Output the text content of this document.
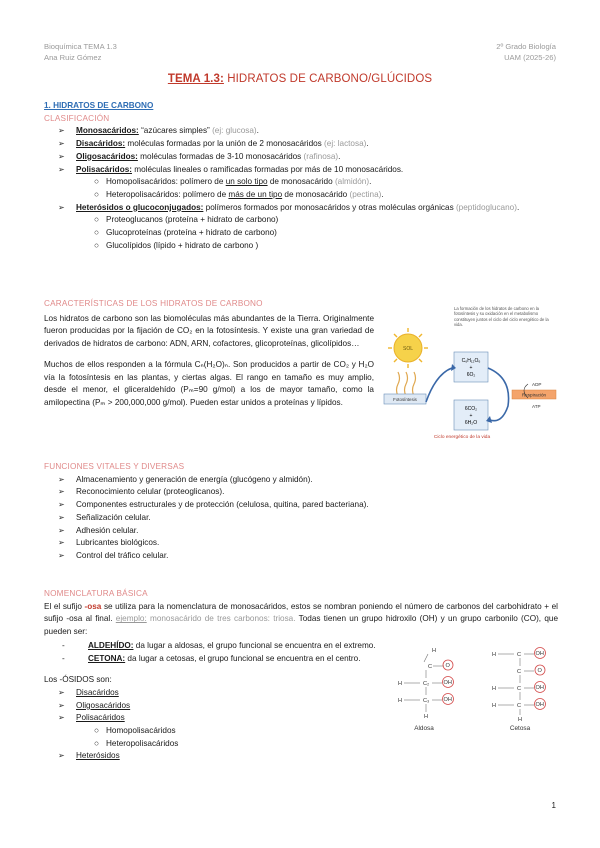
Bioquímica TEMA 1.3
Ana Ruiz Gómez
2º Grado Biología
UAM (2025-26)
TEMA 1.3: HIDRATOS DE CARBONO/GLÚCIDOS
1. HIDRATOS DE CARBONO
CLASIFICACIÓN
➢ Monosacáridos: “azúcares simples” (ej: glucosa).
➢ Disacáridos: moléculas formadas por la unión de 2 monosacáridos (ej: lactosa).
➢ Oligosacáridos: moléculas formadas de 3-10 monosacáridos (rafinosa).
➢ Polisacáridos: moléculas lineales o ramificadas formadas por más de 10 monosacáridos.
○ Homopolisacáridos: polímero de un solo tipo de monosacárido (almidón).
○ Heteropolisacáridos: polímero de más de un tipo de monosacárido (pectina).
➢ Heterósidos o glucoconjugados: polímeros formados por monosacáridos y otras moléculas orgánicas (peptidoglucano).
○ Proteoglucanos (proteína + hidrato de carbono)
○ Glucoproteínas (proteína + hidrato de carbono)
○ Glucolípidos (lípido + hidrato de carbono )
CARACTERÍSTICAS DE LOS HIDRATOS DE CARBONO
Los hidratos de carbono son las biomoléculas más abundantes de la Tierra. Originalmente fueron producidas por la fijación de CO₂ en la fotosíntesis. Y existe una gran variedad de derivados de hidratos de carbono: ADN, ARN, cofactores, glicoproteínas, glicolípidos…
Muchos de ellos responden a la fórmula Cₙ(H₂O)ₙ. Son producidos a partir de CO₂ y H₂O vía la fotosíntesis en las plantas, y ciertas algas. El rango en tamaño es muy amplio, desde el menor, el gliceraldehído (Pₘ=90 g/mol) a los de mayor tamaño, como la amilopectina (Pₘ > 200,000,000 g/mol). Pueden estar unidos a proteínas y lípidos.
La formación de los hidratos de carbono en la fotosíntesis y su oxidación en el metabolismo constituyen juntos el ciclo del ciclo energético de la vida.
SOL
Fotosíntesis
C₆H₁₂O₆
+
6O₂
6CO₂
+
6H₂O
Respiración
ADP
ATP
Ciclo energético de la vida
FUNCIONES VITALES Y DIVERSAS
➢ Almacenamiento y generación de energía (glucógeno y almidón).
➢ Reconocimiento celular (proteoglicanos).
➢ Componentes estructurales y de protección (celulosa, quitina, pared bacteriana).
➢ Señalización celular.
➢ Adhesión celular.
➢ Lubricantes biológicos.
➢ Control del tráfico celular.
NOMENCLATURA BÁSICA
El el sufijo -osa se utiliza para la nomenclatura de monosacáridos, estos se nombran poniendo el número de carbonos del carbohidrato + el sufijo -osa al final. ejemplo: monosacárido de tres carbonos: triosa. Todas tienen un grupo hidroxilo (OH) y un grupo carbonilo (CO), que pueden ser:
-	ALDEHÍDO: da lugar a aldosas, el grupo funcional se encuentra en el extremo.
-	CETONA: da lugar a cetosas, el grupo funcional se encuentra en el centro.
Los -ÓSIDOS son:
➢ Disacáridos
➢ Oligosacáridos
➢ Polisacáridos
○ Homopolisacáridos
○ Heteropolisacáridos
➢ Heterósidos
H
C O
H	C₂	OH
H	C₃	OH
H
Aldosa
H	C	OH
C	O
H	C	OH
H	C	OH
H
Cetosa
1
